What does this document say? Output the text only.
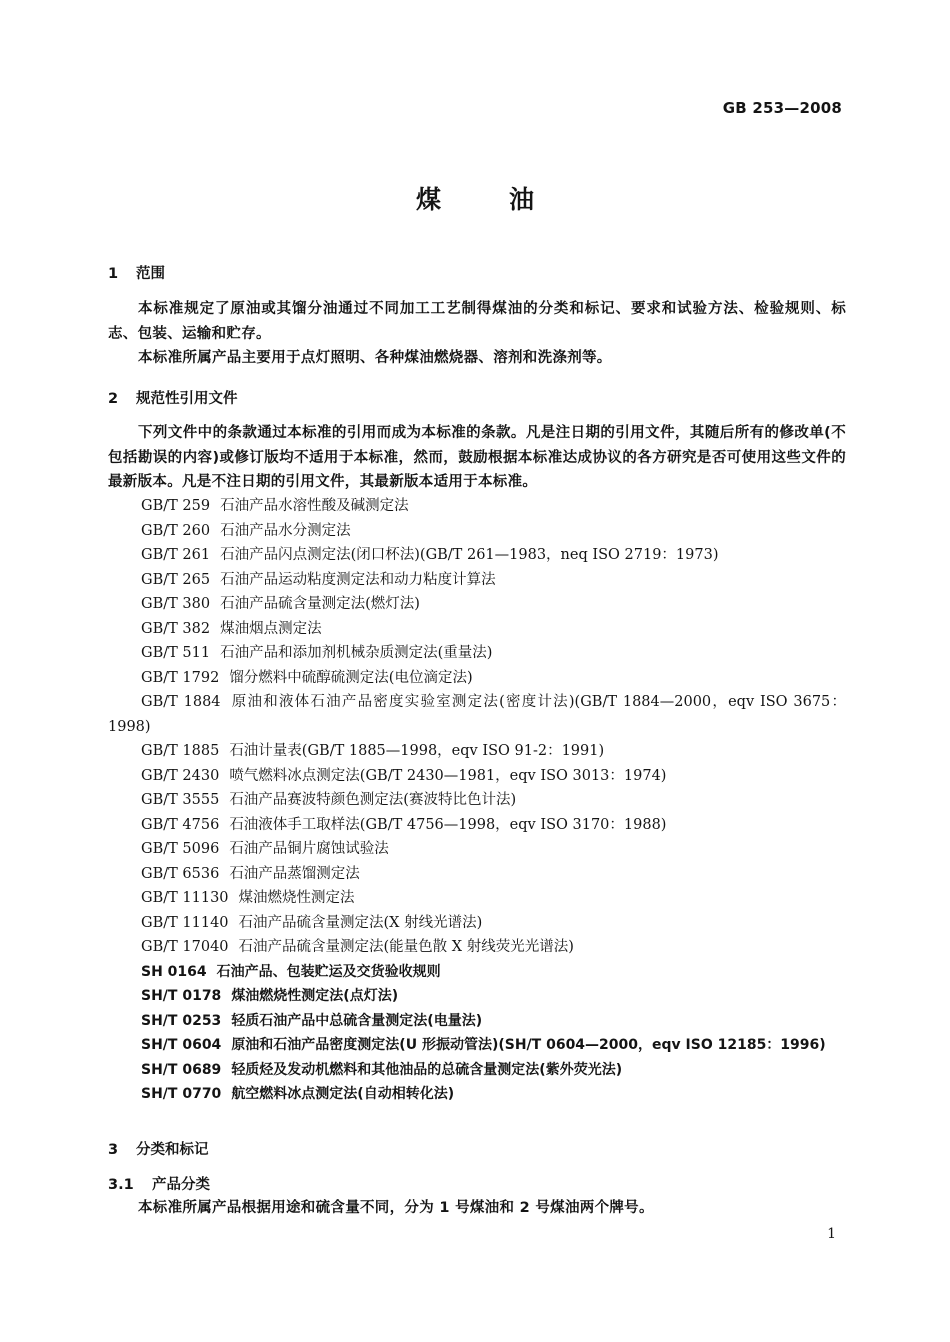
GB 253—2008
煤油
1 范围
本标准规定了原油或其馏分油通过不同加工工艺制得煤油的分类和标记、要求和试验方法、检验规则、标志、包装、运输和贮存。
本标准所属产品主要用于点灯照明、各种煤油燃烧器、溶剂和洗涤剂等。
2 规范性引用文件
下列文件中的条款通过本标准的引用而成为本标准的条款。凡是注日期的引用文件，其随后所有的修改单(不包括勘误的内容)或修订版均不适用于本标准，然而，鼓励根据本标准达成协议的各方研究是否可使用这些文件的最新版本。凡是不注日期的引用文件，其最新版本适用于本标准。
GB/T 259 石油产品水溶性酸及碱测定法
GB/T 260 石油产品水分测定法
GB/T 261 石油产品闪点测定法(闭口杯法)(GB/T 261—1983，neq ISO 2719：1973)
GB/T 265 石油产品运动粘度测定法和动力粘度计算法
GB/T 380 石油产品硫含量测定法(燃灯法)
GB/T 382 煤油烟点测定法
GB/T 511 石油产品和添加剂机械杂质测定法(重量法)
GB/T 1792 馏分燃料中硫醇硫测定法(电位滴定法)
GB/T 1884 原油和液体石油产品密度实验室测定法(密度计法)(GB/T 1884—2000，eqv ISO 3675：1998)
GB/T 1885 石油计量表(GB/T 1885—1998，eqv ISO 91-2：1991)
GB/T 2430 喷气燃料冰点测定法(GB/T 2430—1981，eqv ISO 3013：1974)
GB/T 3555 石油产品赛波特颜色测定法(赛波特比色计法)
GB/T 4756 石油液体手工取样法(GB/T 4756—1998，eqv ISO 3170：1988)
GB/T 5096 石油产品铜片腐蚀试验法
GB/T 6536 石油产品蒸馏测定法
GB/T 11130 煤油燃烧性测定法
GB/T 11140 石油产品硫含量测定法(X 射线光谱法)
GB/T 17040 石油产品硫含量测定法(能量色散 X 射线荧光光谱法)
SH 0164 石油产品、包装贮运及交货验收规则
SH/T 0178 煤油燃烧性测定法(点灯法)
SH/T 0253 轻质石油产品中总硫含量测定法(电量法)
SH/T 0604 原油和石油产品密度测定法(U 形振动管法)(SH/T 0604—2000，eqv ISO 12185：1996)
SH/T 0689 轻质烃及发动机燃料和其他油品的总硫含量测定法(紫外荧光法)
SH/T 0770 航空燃料冰点测定法(自动相转化法)
3 分类和标记
3.1 产品分类
本标准所属产品根据用途和硫含量不同，分为 1 号煤油和 2 号煤油两个牌号。
1
